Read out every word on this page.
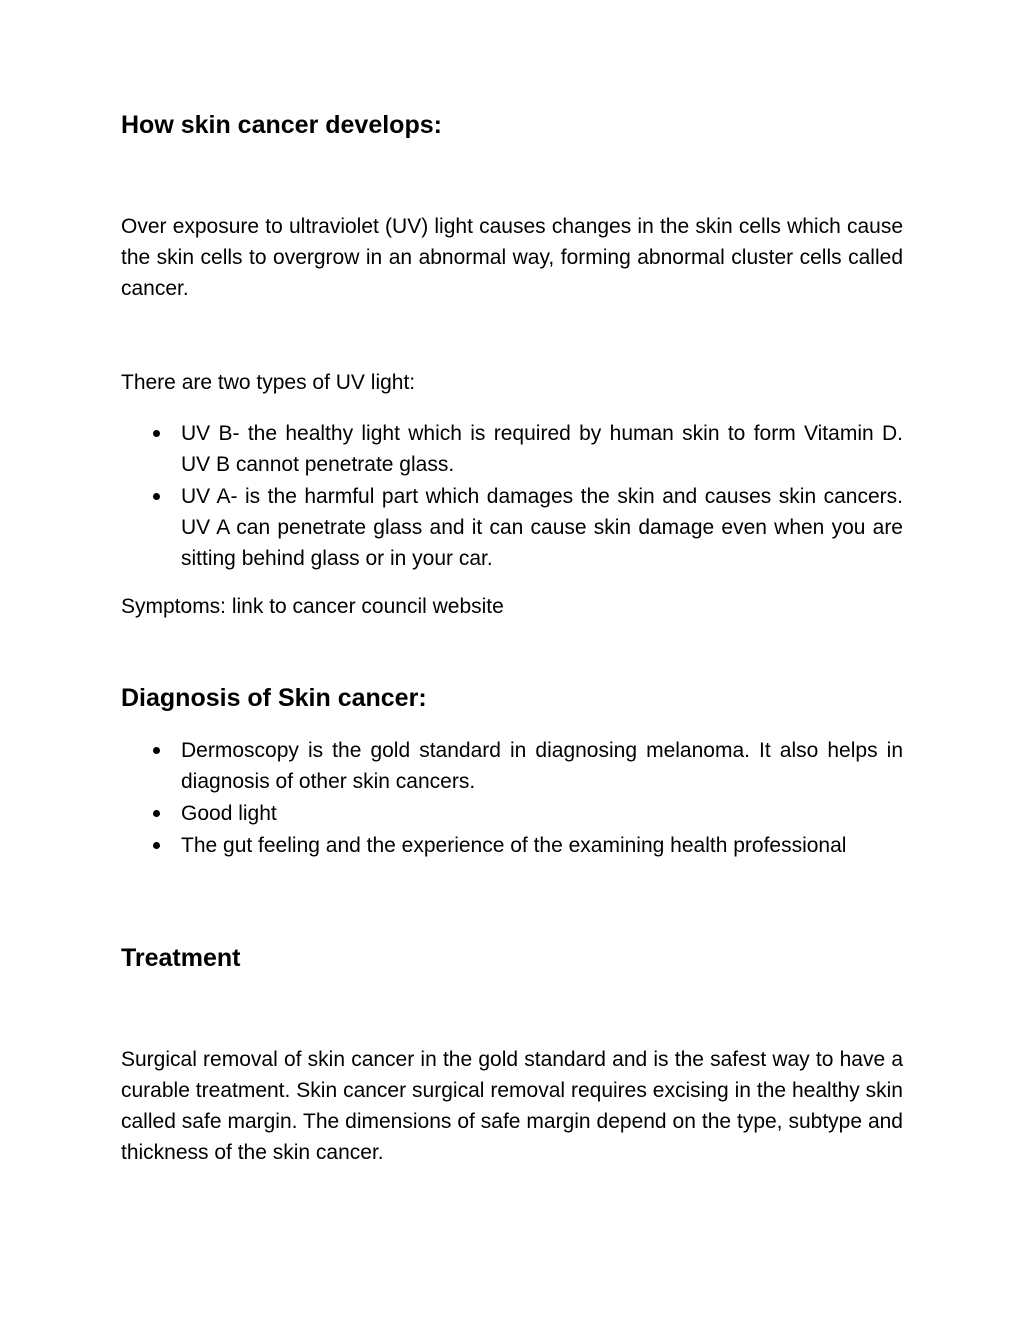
How skin cancer develops:

Over exposure to ultraviolet (UV) light causes changes in the skin cells which cause the skin cells to overgrow in an abnormal way, forming abnormal cluster cells called cancer.

There are two types of UV light:

UV B- the healthy light which is required by human skin to form Vitamin D. UV B cannot penetrate glass.
UV A- is the harmful part which damages the skin and causes skin cancers. UV A can penetrate glass and it can cause skin damage even when you are sitting behind glass or in your car.

Symptoms: link to cancer council website

Diagnosis of Skin cancer:
Dermoscopy is the gold standard in diagnosing melanoma. It also helps in diagnosis of other skin cancers.
Good light
The gut feeling and the experience of the examining health professional
Treatment

Surgical removal of skin cancer in the gold standard and is the safest way to have a curable treatment. Skin cancer surgical removal requires excising in the healthy skin called safe margin. The dimensions of safe margin depend on the type, subtype and thickness of the skin cancer.
